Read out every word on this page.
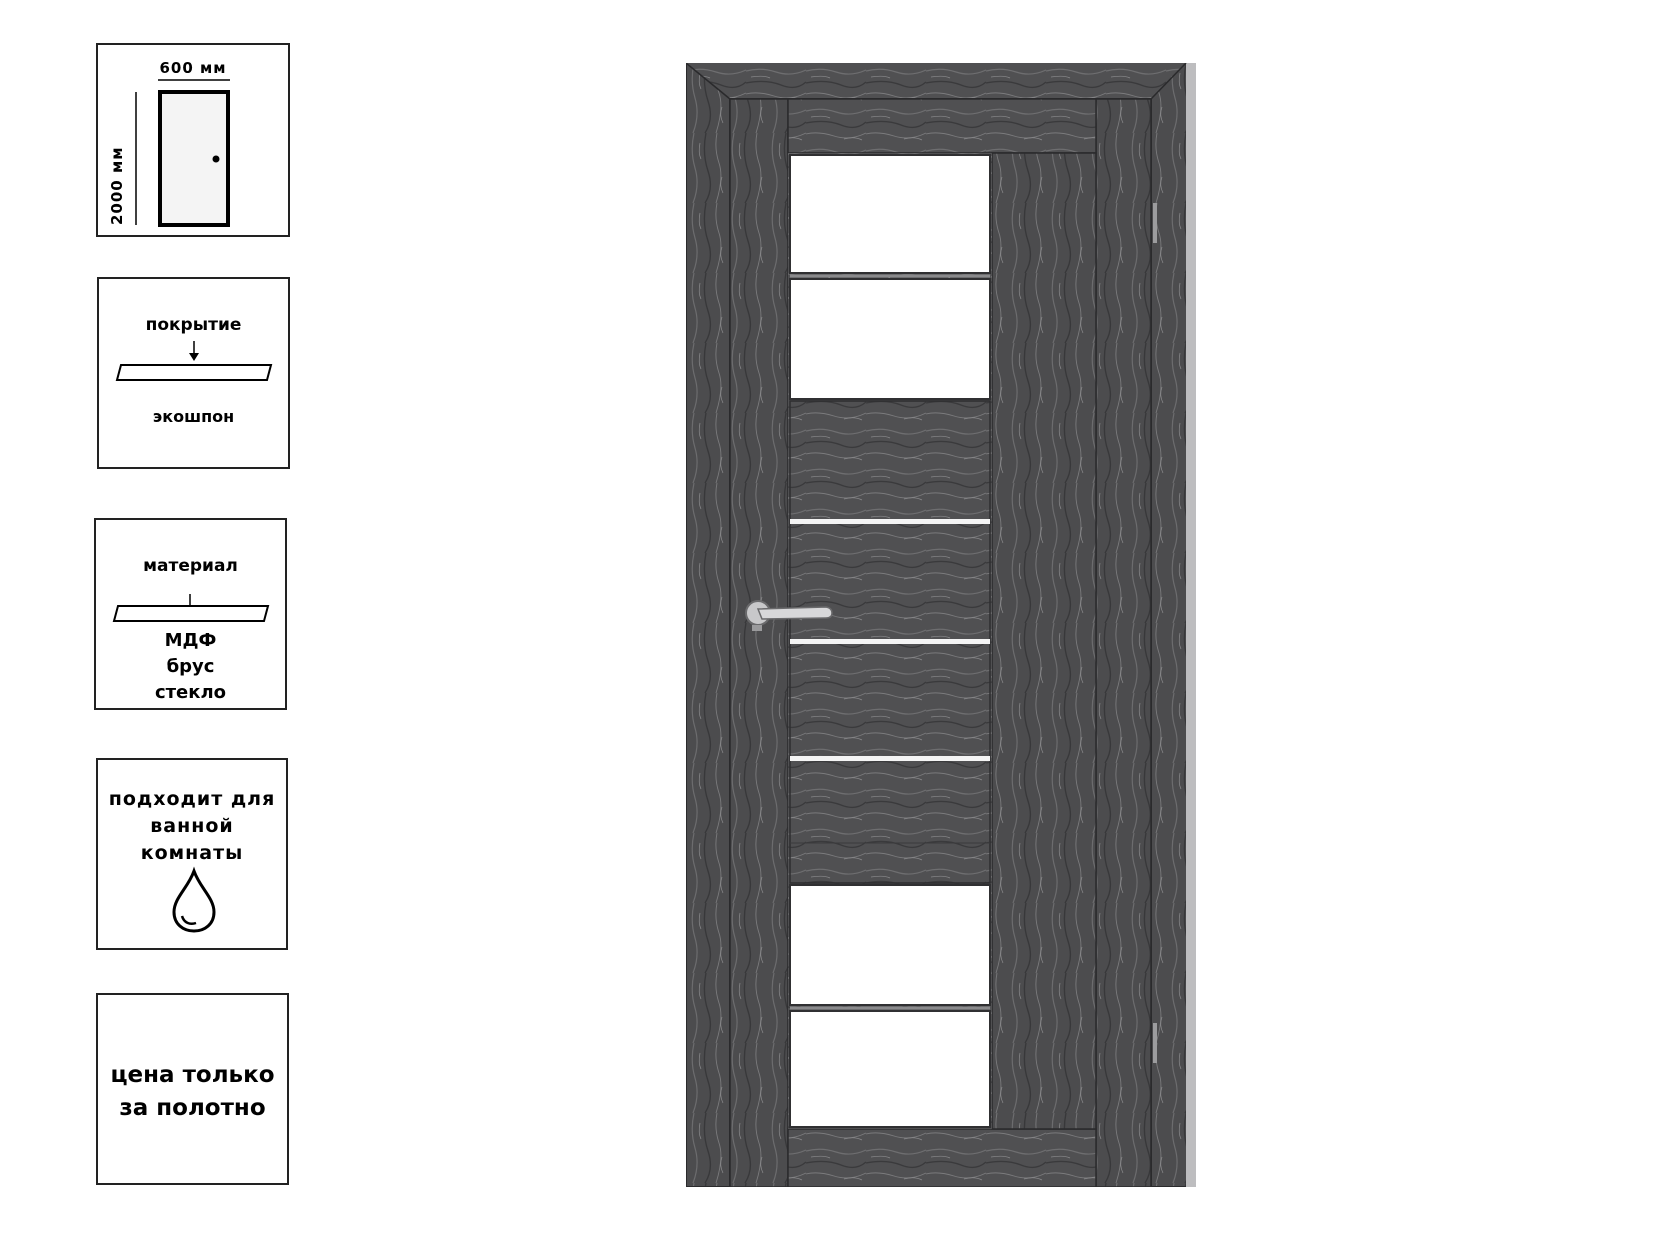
600 мм
2000 мм
покрытие
экошпон
материал
МДФ
брус
стекло
подходит для
ванной
комнаты
цена только
за полотно
